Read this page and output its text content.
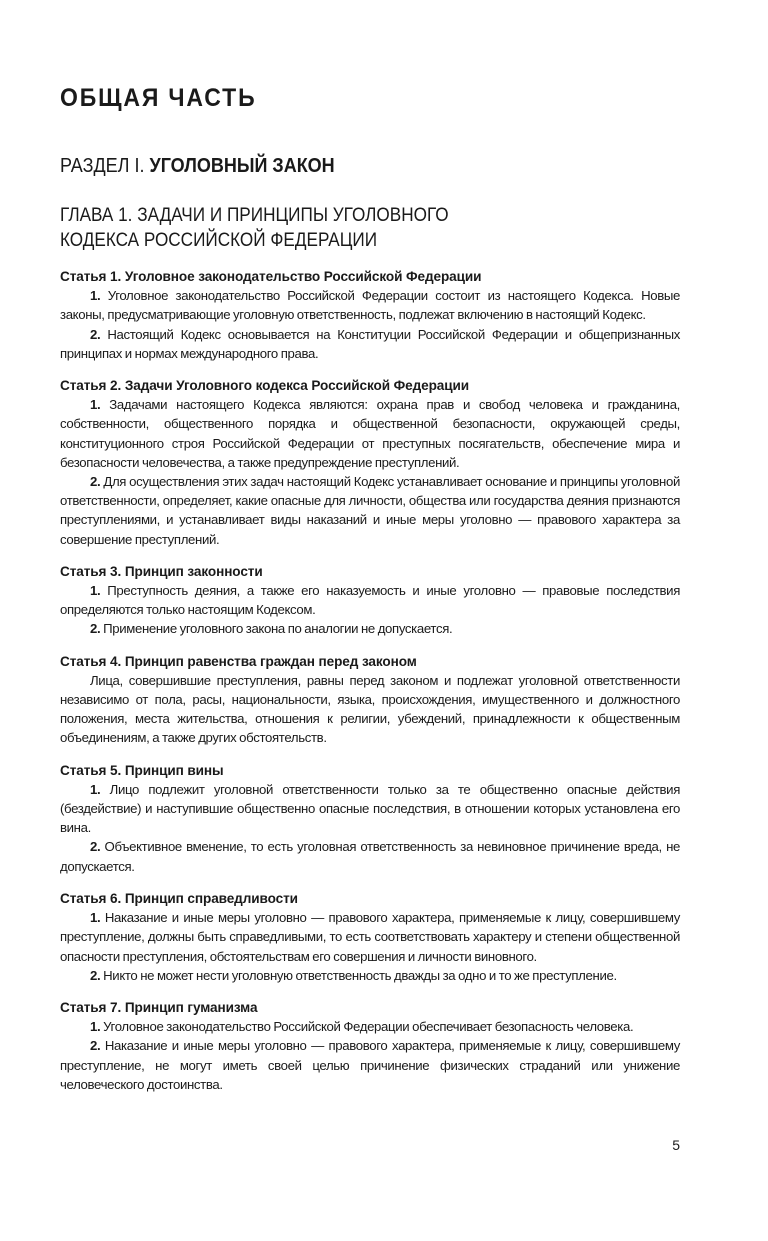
ОБЩАЯ ЧАСТЬ
РАЗДЕЛ I. УГОЛОВНЫЙ ЗАКОН
ГЛАВА 1. ЗАДАЧИ И ПРИНЦИПЫ УГОЛОВНОГО
КОДЕКСА РОССИЙСКОЙ ФЕДЕРАЦИИ
Статья 1. Уголовное законодательство Российской Федерации

1. Уголовное законодательство Российской Федерации состоит из настоящего Кодекса. Новые законы, предусматривающие уголовную ответственность, подлежат включению в настоящий Кодекс.

2. Настоящий Кодекс основывается на Конституции Российской Федерации и общепризнанных принципах и нормах международного права.

Статья 2. Задачи Уголовного кодекса Российской Федерации

1. Задачами настоящего Кодекса являются: охрана прав и свобод человека и гражданина, собственности, общественного порядка и общественной безопасности, окружающей среды, конституционного строя Российской Федерации от преступных посягательств, обеспечение мира и безопасности человечества, а также предупреждение преступлений.

2. Для осуществления этих задач настоящий Кодекс устанавливает основание и принципы уголовной ответственности, определяет, какие опасные для личности, общества или государства деяния признаются преступлениями, и устанавливает виды наказаний и иные меры уголовно — правового характера за совершение преступлений.

Статья 3. Принцип законности

1. Преступность деяния, а также его наказуемость и иные уголовно — правовые последствия определяются только настоящим Кодексом.

2. Применение уголовного закона по аналогии не допускается.

Статья 4. Принцип равенства граждан перед законом

Лица, совершившие преступления, равны перед законом и подлежат уголовной ответственности независимо от пола, расы, национальности, языка, происхождения, имущественного и должностного положения, места жительства, отношения к религии, убеждений, принадлежности к общественным объединениям, а также других обстоятельств.

Статья 5. Принцип вины

1. Лицо подлежит уголовной ответственности только за те общественно опасные действия (бездействие) и наступившие общественно опасные последствия, в отношении которых установлена его вина.

2. Объективное вменение, то есть уголовная ответственность за невиновное причинение вреда, не допускается.

Статья 6. Принцип справедливости

1. Наказание и иные меры уголовно — правового характера, применяемые к лицу, совершившему преступление, должны быть справедливыми, то есть соответствовать характеру и степени общественной опасности преступления, обстоятельствам его совершения и личности виновного.

2. Никто не может нести уголовную ответственность дважды за одно и то же преступление.

Статья 7. Принцип гуманизма

1. Уголовное законодательство Российской Федерации обеспечивает безопасность человека.

2. Наказание и иные меры уголовно — правового характера, применяемые к лицу, совершившему преступление, не могут иметь своей целью причинение физических страданий или унижение человеческого достоинства.

5
